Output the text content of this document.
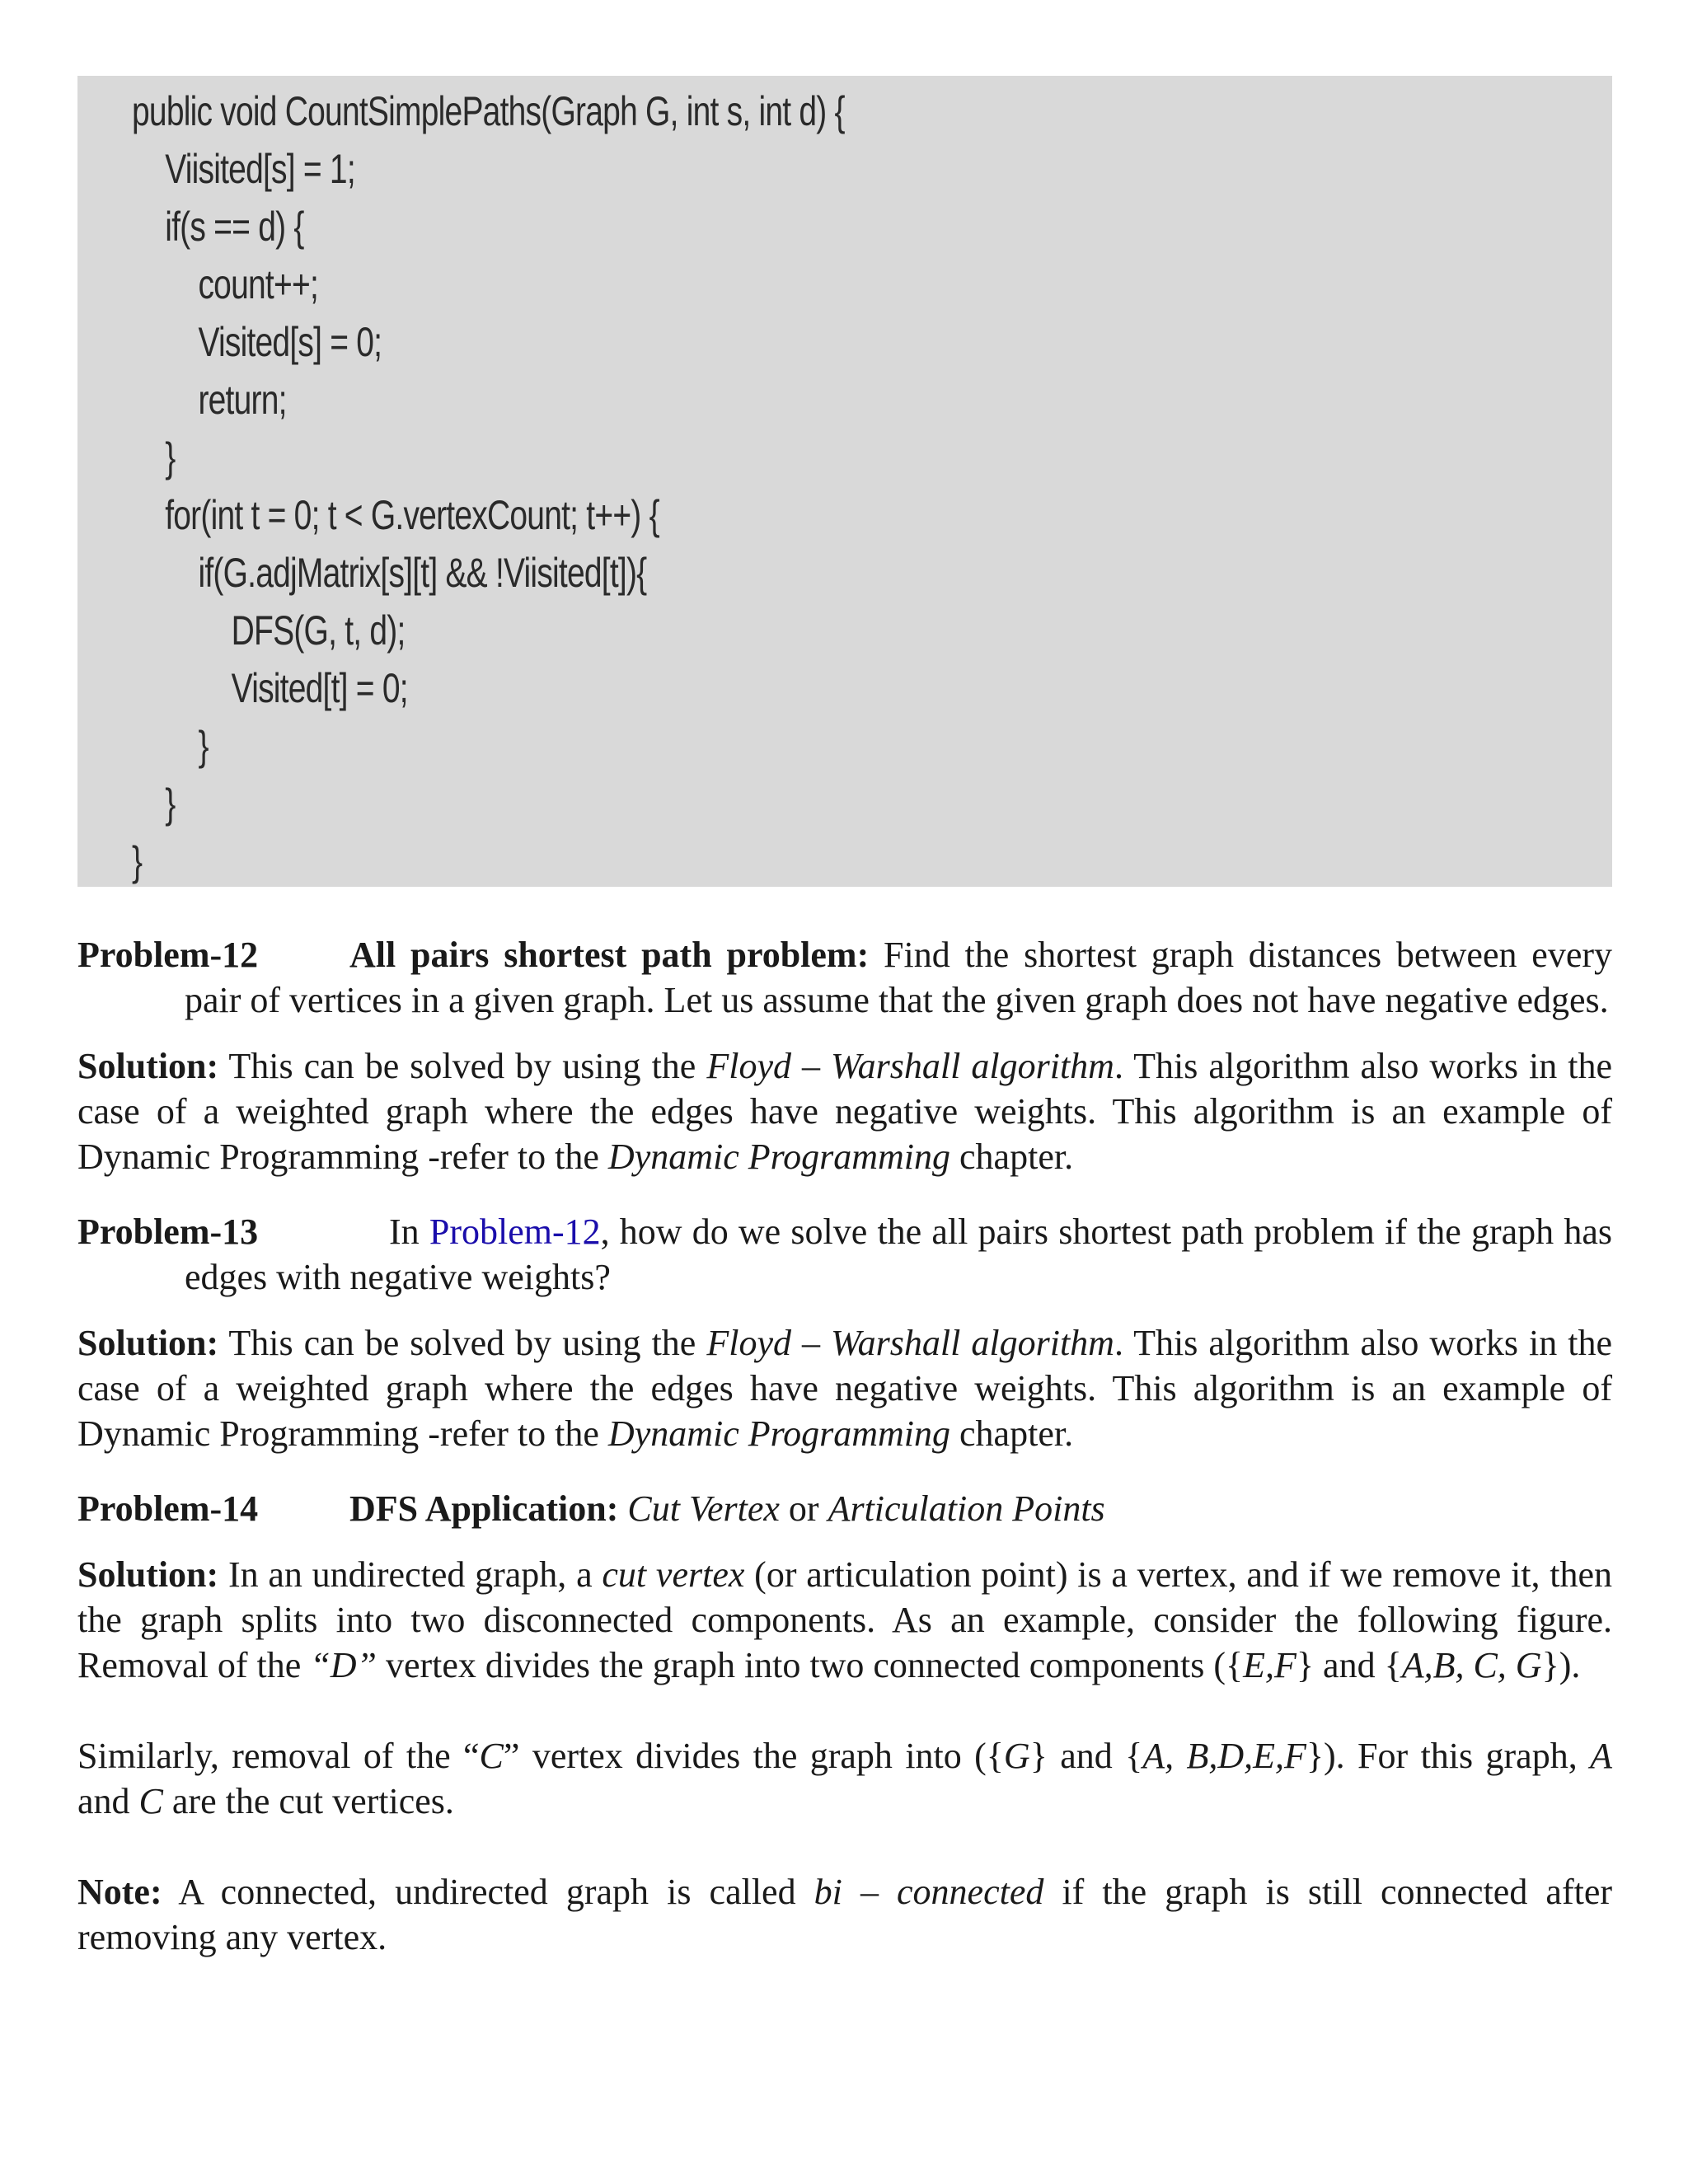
public void CountSimplePaths(Graph G, int s, int d) {
Viisited[s] = 1;
if(s == d) {
count++;
Visited[s] = 0;
return;
}
for(int t = 0; t < G.vertexCount; t++) {
if(G.adjMatrix[s][t] && !Viisited[t]){
DFS(G, t, d);
Visited[t] = 0;
}
}
}

Problem-12	All pairs shortest path problem: Find the shortest graph distances between every pair of vertices in a given graph. Let us assume that the given graph does not have negative edges.

Solution: This can be solved by using the Floyd – Warshall algorithm. This algorithm also works in the case of a weighted graph where the edges have negative weights. This algorithm is an example of Dynamic Programming -refer to the Dynamic Programming chapter.

Problem-13	In Problem-12, how do we solve the all pairs shortest path problem if the graph has edges with negative weights?

Solution: This can be solved by using the Floyd – Warshall algorithm. This algorithm also works in the case of a weighted graph where the edges have negative weights. This algorithm is an example of Dynamic Programming -refer to the Dynamic Programming chapter.

Problem-14	DFS Application: Cut Vertex or Articulation Points

Solution: In an undirected graph, a cut vertex (or articulation point) is a vertex, and if we remove it, then the graph splits into two disconnected components. As an example, consider the following figure. Removal of the “D” vertex divides the graph into two connected components ({E,F} and {A,B, C, G}).

Similarly, removal of the “C” vertex divides the graph into ({G} and {A, B,D,E,F}). For this graph, A and C are the cut vertices.

Note: A connected, undirected graph is called bi – connected if the graph is still connected after removing any vertex.
